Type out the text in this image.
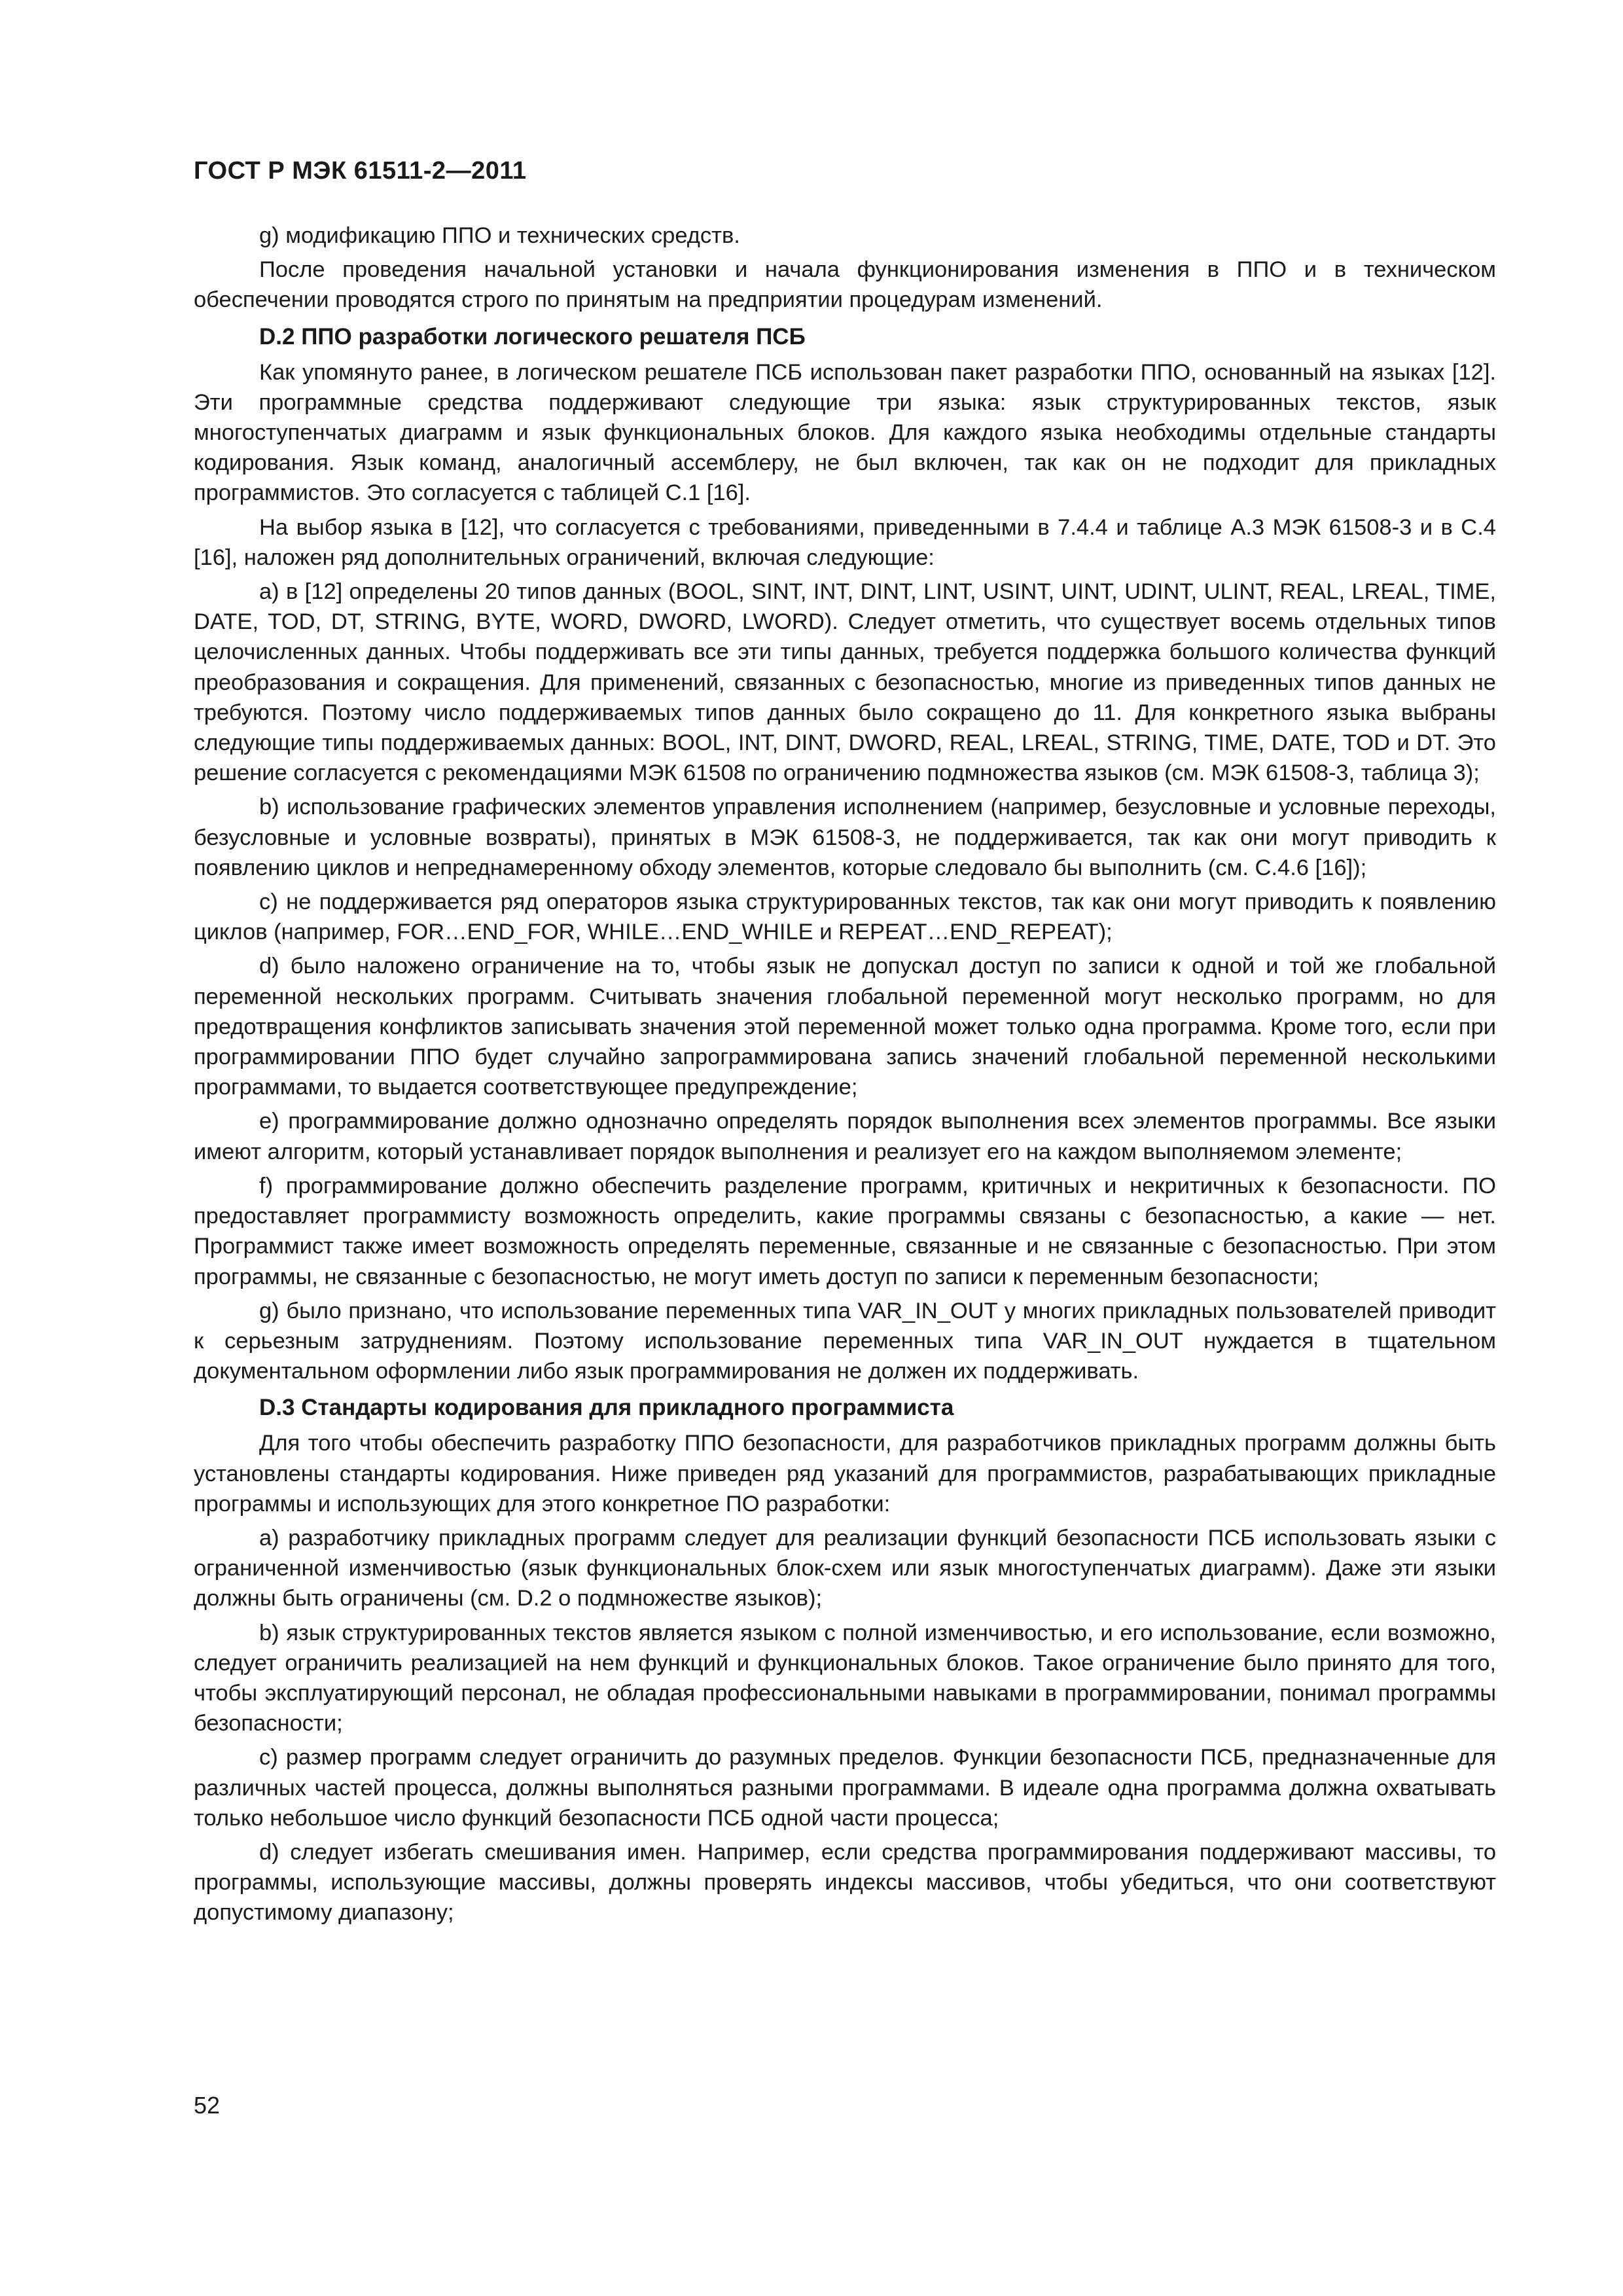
ГОСТ Р МЭК 61511-2—2011

g) модификацию ППО и технических средств.

После проведения начальной установки и начала функционирования изменения в ППО и в техническом обеспечении проводятся строго по принятым на предприятии процедурам изменений.

D.2 ППО разработки логического решателя ПСБ

Как упомянуто ранее, в логическом решателе ПСБ использован пакет разработки ППО, основанный на языках [12]. Эти программные средства поддерживают следующие три языка: язык структурированных текстов, язык многоступенчатых диаграмм и язык функциональных блоков. Для каждого языка необходимы отдельные стандарты кодирования. Язык команд, аналогичный ассемблеру, не был включен, так как он не подходит для прикладных программистов. Это согласуется с таблицей С.1 [16].

На выбор языка в [12], что согласуется с требованиями, приведенными в 7.4.4 и таблице А.3 МЭК 61508-3 и в С.4 [16], наложен ряд дополнительных ограничений, включая следующие:

а) в [12] определены 20 типов данных (BOOL, SINT, INT, DINT, LINT, USINT, UINT, UDINT, ULINT, REAL, LREAL, TIME, DATE, TOD, DT, STRING, BYTE, WORD, DWORD, LWORD). Следует отметить, что существует восемь отдельных типов целочисленных данных. Чтобы поддерживать все эти типы данных, требуется поддержка большого количества функций преобразования и сокращения. Для применений, связанных с безопасностью, многие из приведенных типов данных не требуются. Поэтому число поддерживаемых типов данных было сокращено до 11. Для конкретного языка выбраны следующие типы поддерживаемых данных: BOOL, INT, DINT, DWORD, REAL, LREAL, STRING, TIME, DATE, TOD и DT. Это решение согласуется с рекомендациями МЭК 61508 по ограничению подмножества языков (см. МЭК 61508-3, таблица 3);

b) использование графических элементов управления исполнением (например, безусловные и условные переходы, безусловные и условные возвраты), принятых в МЭК 61508-3, не поддерживается, так как они могут приводить к появлению циклов и непреднамеренному обходу элементов, которые следовало бы выполнить (см. С.4.6 [16]);

c) не поддерживается ряд операторов языка структурированных текстов, так как они могут приводить к появлению циклов (например, FOR…END_FOR, WHILE…END_WHILE и REPEAT…END_REPEAT);

d) было наложено ограничение на то, чтобы язык не допускал доступ по записи к одной и той же глобальной переменной нескольких программ. Считывать значения глобальной переменной могут несколько программ, но для предотвращения конфликтов записывать значения этой переменной может только одна программа. Кроме того, если при программировании ППО будет случайно запрограммирована запись значений глобальной переменной несколькими программами, то выдается соответствующее предупреждение;

e) программирование должно однозначно определять порядок выполнения всех элементов программы. Все языки имеют алгоритм, который устанавливает порядок выполнения и реализует его на каждом выполняемом элементе;

f) программирование должно обеспечить разделение программ, критичных и некритичных к безопасности. ПО предоставляет программисту возможность определить, какие программы связаны с безопасностью, а какие — нет. Программист также имеет возможность определять переменные, связанные и не связанные с безопасностью. При этом программы, не связанные с безопасностью, не могут иметь доступ по записи к переменным безопасности;

g) было признано, что использование переменных типа VAR_IN_OUT у многих прикладных пользователей приводит к серьезным затруднениям. Поэтому использование переменных типа VAR_IN_OUT нуждается в тщательном документальном оформлении либо язык программирования не должен их поддерживать.

D.3 Стандарты кодирования для прикладного программиста

Для того чтобы обеспечить разработку ППО безопасности, для разработчиков прикладных программ должны быть установлены стандарты кодирования. Ниже приведен ряд указаний для программистов, разрабатывающих прикладные программы и использующих для этого конкретное ПО разработки:

a) разработчику прикладных программ следует для реализации функций безопасности ПСБ использовать языки с ограниченной изменчивостью (язык функциональных блок-схем или язык многоступенчатых диаграмм). Даже эти языки должны быть ограничены (см. D.2 о подмножестве языков);

b) язык структурированных текстов является языком с полной изменчивостью, и его использование, если возможно, следует ограничить реализацией на нем функций и функциональных блоков. Такое ограничение было принято для того, чтобы эксплуатирующий персонал, не обладая профессиональными навыками в программировании, понимал программы безопасности;

c) размер программ следует ограничить до разумных пределов. Функции безопасности ПСБ, предназначенные для различных частей процесса, должны выполняться разными программами. В идеале одна программа должна охватывать только небольшое число функций безопасности ПСБ одной части процесса;

d) следует избегать смешивания имен. Например, если средства программирования поддерживают массивы, то программы, использующие массивы, должны проверять индексы массивов, чтобы убедиться, что они соответствуют допустимому диапазону;

52
